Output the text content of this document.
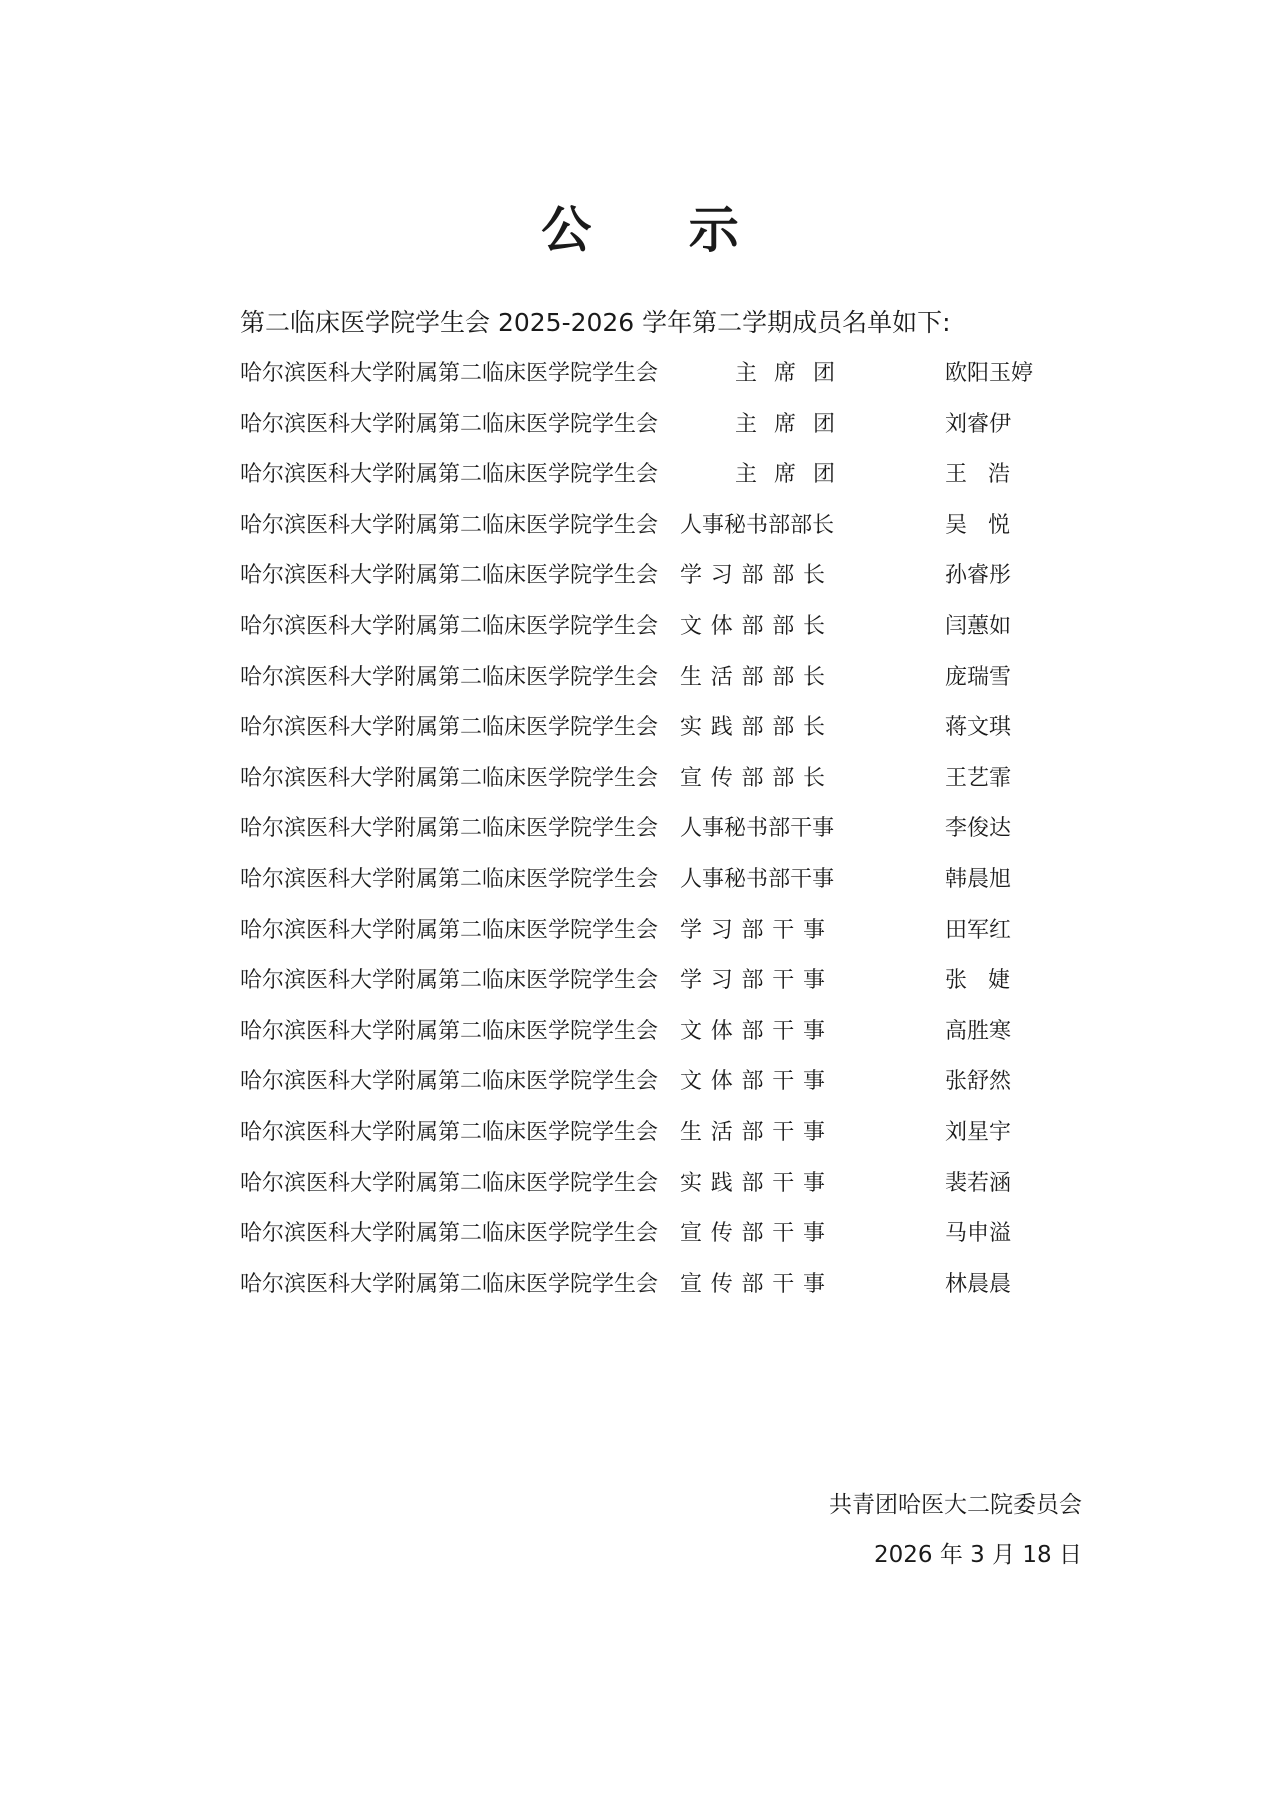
公 示
第二临床医学院学生会 2025-2026 学年第二学期成员名单如下:
哈尔滨医科大学附属第二临床医学院学生会	主 席 团	欧阳玉婷
哈尔滨医科大学附属第二临床医学院学生会	主 席 团	刘睿伊
哈尔滨医科大学附属第二临床医学院学生会	主 席 团	王浩
哈尔滨医科大学附属第二临床医学院学生会 人 事 秘 书 部 部 长	吴悦
哈尔滨医科大学附属第二临床医学院学生会 学 习 部 部 长	孙睿彤
哈尔滨医科大学附属第二临床医学院学生会 文 体 部 部 长	闫蕙如
哈尔滨医科大学附属第二临床医学院学生会 生 活 部 部 长	庞瑞雪
哈尔滨医科大学附属第二临床医学院学生会 实 践 部 部 长	蒋文琪
哈尔滨医科大学附属第二临床医学院学生会 宣 传 部 部 长	王艺霏
哈尔滨医科大学附属第二临床医学院学生会 人 事 秘 书 部 干 事	李俊达
哈尔滨医科大学附属第二临床医学院学生会 人 事 秘 书 部 干 事	韩晨旭
哈尔滨医科大学附属第二临床医学院学生会 学 习 部 干 事	田军红
哈尔滨医科大学附属第二临床医学院学生会 学 习 部 干 事	张婕
哈尔滨医科大学附属第二临床医学院学生会 文 体 部 干 事	高胜寒
哈尔滨医科大学附属第二临床医学院学生会 文 体 部 干 事	张舒然
哈尔滨医科大学附属第二临床医学院学生会 生 活 部 干 事	刘星宇
哈尔滨医科大学附属第二临床医学院学生会 实 践 部 干 事	裴若涵
哈尔滨医科大学附属第二临床医学院学生会 宣 传 部 干 事	马申溢
哈尔滨医科大学附属第二临床医学院学生会 宣 传 部 干 事	林晨晨
共青团哈医大二院委员会
2026 年 3 月 18 日
